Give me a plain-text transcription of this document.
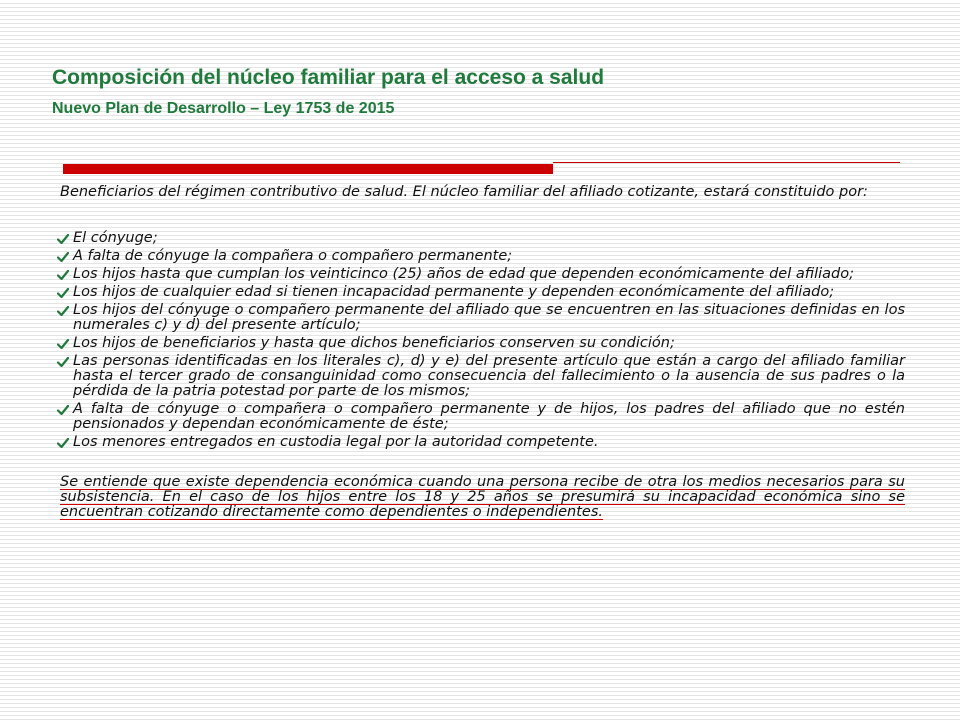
Composición del núcleo familiar para el acceso a salud
Nuevo Plan de Desarrollo – Ley 1753 de 2015

Beneficiarios del régimen contributivo de salud. El núcleo familiar del afiliado cotizante, estará constituido por:

El cónyuge;
A falta de cónyuge la compañera o compañero permanente;
Los hijos hasta que cumplan los veinticinco (25) años de edad que dependen económicamente del afiliado;
Los hijos de cualquier edad si tienen incapacidad permanente y dependen económicamente del afiliado;
Los hijos del cónyuge o compañero permanente del afiliado que se encuentren en las situaciones definidas en los numerales c) y d) del presente artículo;
Los hijos de beneficiarios y hasta que dichos beneficiarios conserven su condición;
Las personas identificadas en los literales c), d) y e) del presente artículo que están a cargo del afiliado familiar hasta el tercer grado de consanguinidad como consecuencia del fallecimiento o la ausencia de sus padres o la pérdida de la patria potestad por parte de los mismos;
A falta de cónyuge o compañera o compañero permanente y de hijos, los padres del afiliado que no estén pensionados y dependan económicamente de éste;
Los menores entregados en custodia legal por la autoridad competente.

Se entiende que existe dependencia económica cuando una persona recibe de otra los medios necesarios para su subsistencia. En el caso de los hijos entre los 18 y 25 años se presumirá su incapacidad económica sino se encuentran cotizando directamente como dependientes o independientes.
